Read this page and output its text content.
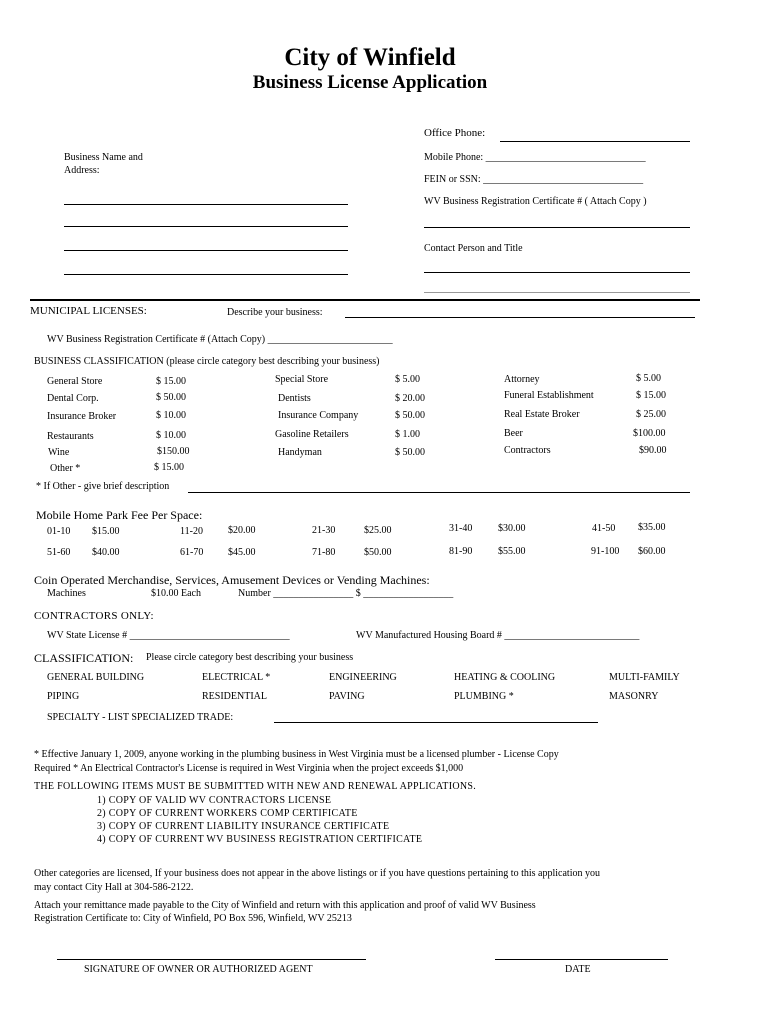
City of Winfield
Business License Application
Office Phone:
Mobile Phone: ________________________________
FEIN or SSN: ________________________________
WV Business Registration Certificate # ( Attach Copy )
Contact Person and Title
Business Name and
Address:
MUNICIPAL LICENSES:	Describe your business:
WV Business Registration Certificate # (Attach Copy) _________________________
BUSINESS CLASSIFICATION (please circle category best describing your business)
General Store	$ 15.00
Dental Corp.	$ 50.00
Insurance Broker	$ 10.00
Restaurants	$ 10.00
Wine	$150.00
Other *	$ 15.00
Special Store	$ 5.00
Dentists	$ 20.00
Insurance Company	$ 50.00
Gasoline Retailers	$ 1.00
Handyman	$ 50.00
Attorney	$ 5.00
Funeral Establishment	$ 15.00
Real Estate Broker	$ 25.00
Beer	$100.00
Contractors	$90.00
* If Other - give brief description
Mobile Home Park Fee Per Space:
01-10 $15.00	11-20	$20.00	21-30	$25.00	31-40	$30.00	41-50 $35.00
51-60 $40.00	61-70 $45.00	71-80	$50.00	81-90	$55.00	91-100 $60.00
Coin Operated Merchandise, Services, Amusement Devices or Vending Machines:
Machines	$10.00 Each	Number ________________ $ __________________
CONTRACTORS ONLY:
WV State License # ________________________________	WV Manufactured Housing Board # ___________________________
CLASSIFICATION: Please circle category best describing your business
GENERAL BUILDING	ELECTRICAL *	ENGINEERING	HEATING & COOLING	MULTI-FAMILY
PIPING	RESIDENTIAL	PAVING	PLUMBING *	MASONRY
SPECIALTY - LIST SPECIALIZED TRADE:
* Effective January 1, 2009, anyone working in the plumbing business in West Virginia must be a licensed plumber - License Copy
Required * An Electrical Contractor's License is required in West Virginia when the project exceeds $1,000
THE FOLLOWING ITEMS MUST BE SUBMITTED WITH NEW AND RENEWAL APPLICATIONS.
1) COPY OF VALID WV CONTRACTORS LICENSE
2) COPY OF CURRENT WORKERS COMP CERTIFICATE
3) COPY OF CURRENT LIABILITY INSURANCE CERTIFICATE
4) COPY OF CURRENT WV BUSINESS REGISTRATION CERTIFICATE
Other categories are licensed, If your business does not appear in the above listings or if you have questions pertaining to this application you
may contact City Hall at 304-586-2122.
Attach your remittance made payable to the City of Winfield and return with this application and proof of valid WV Business
Registration Certificate to: City of Winfield, PO Box 596, Winfield, WV 25213
SIGNATURE OF OWNER OR AUTHORIZED AGENT	DATE
